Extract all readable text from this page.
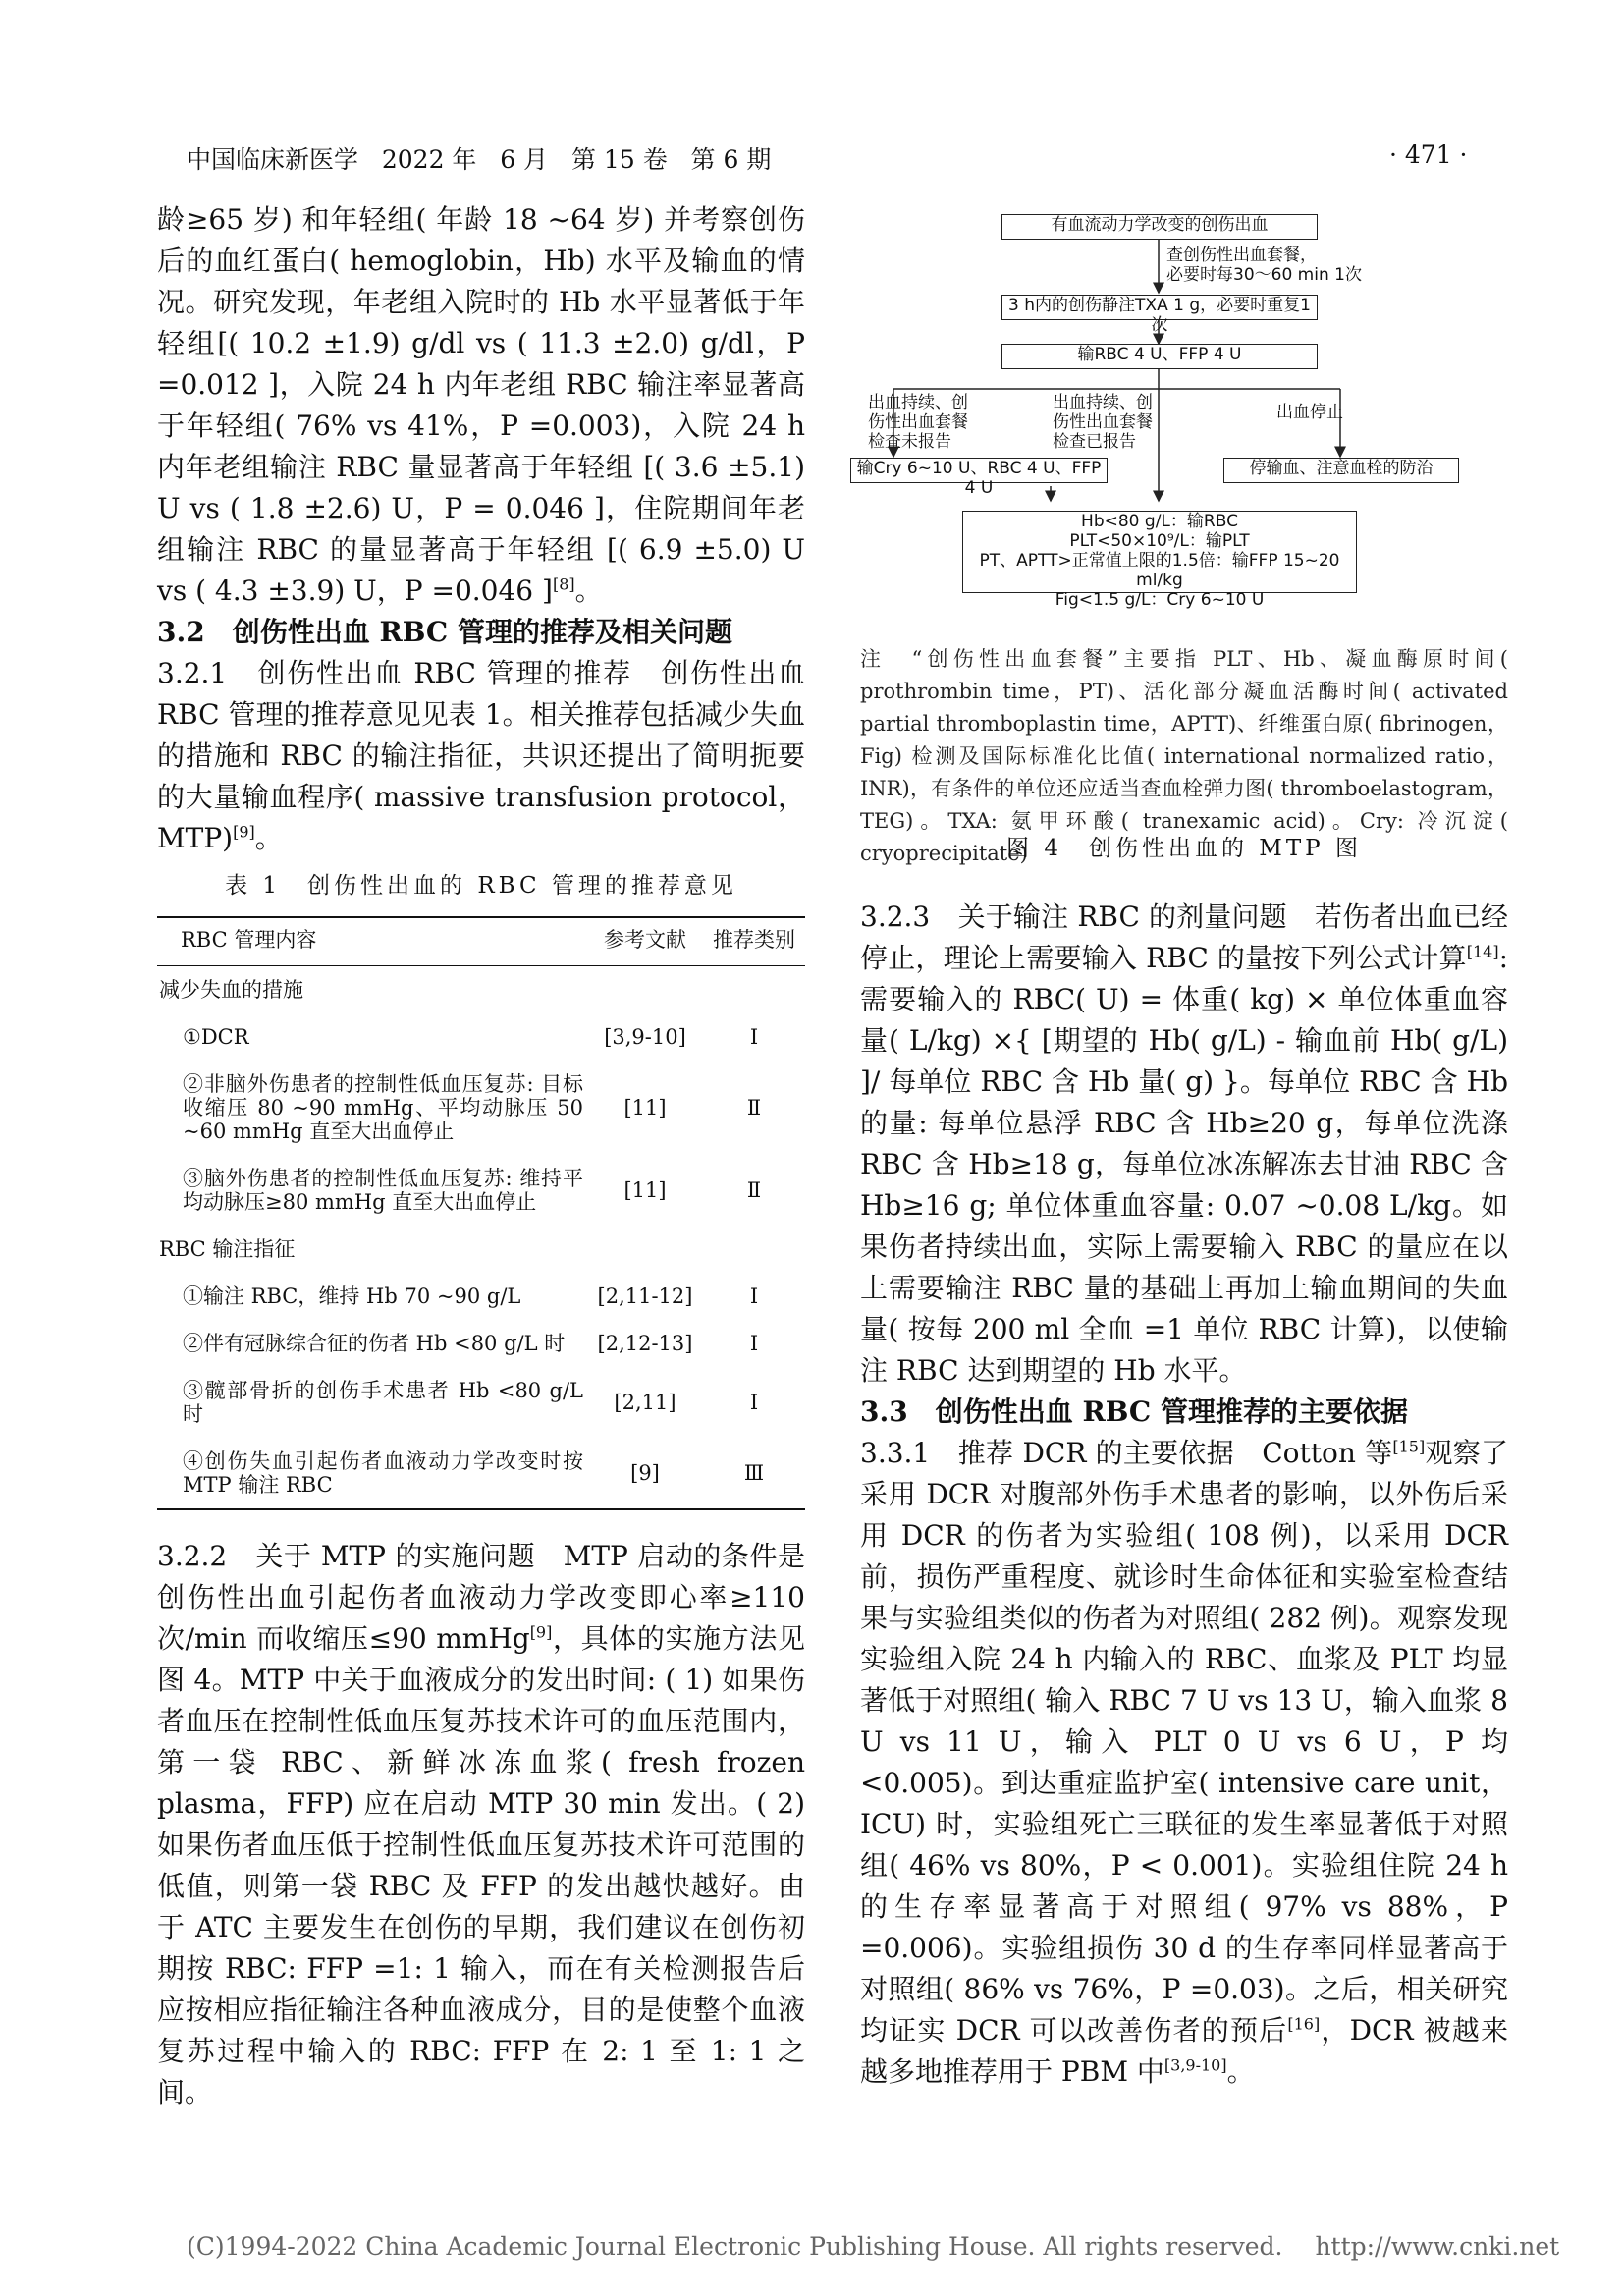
中国临床新医学 2022 年 6 月 第 15 卷 第 6 期	· 471 ·

龄≥65 岁) 和年轻组( 年龄 18 ~64 岁) 并考察创伤后的血红蛋白( hemoglobin，Hb) 水平及输血的情况。研究发现，年老组入院时的 Hb 水平显著低于年轻组[( 10.2 ±1.9) g/dl vs ( 11.3 ±2.0) g/dl，P =0.012 ]，入院 24 h 内年老组 RBC 输注率显著高于年轻组( 76% vs 41%，P =0.003)，入院 24 h 内年老组输注 RBC 量显著高于年轻组 [( 3.6 ±5.1) U vs ( 1.8 ±2.6) U，P = 0.046 ]，住院期间年老组输注 RBC 的量显著高于年轻组 [( 6.9 ±5.0) U vs ( 4.3 ±3.9) U，P =0.046 ][8]。

3.2　创伤性出血 RBC 管理的推荐及相关问题

3.2.1　创伤性出血 RBC 管理的推荐　创伤性出血 RBC 管理的推荐意见见表 1。相关推荐包括减少失血的措施和 RBC 的输注指征，共识还提出了简明扼要的大量输血程序( massive transfusion protocol，MTP)[9]。

表 1　创伤性出血的 RBC 管理的推荐意见
RBC 管理内容	参考文献	推荐类别
减少失血的措施		
①DCR	[3,9-10]	Ⅰ
②非脑外伤患者的控制性低血压复苏: 目标收缩压 80 ~90 mmHg、平均动脉压 50 ~60 mmHg 直至大出血停止	[11]	Ⅱ
③脑外伤患者的控制性低血压复苏: 维持平均动脉压≥80 mmHg 直至大出血停止	[11]	Ⅱ
RBC 输注指征		
①输注 RBC，维持 Hb 70 ~90 g/L	[2,11-12]	Ⅰ
②伴有冠脉综合征的伤者 Hb <80 g/L 时	[2,12-13]	Ⅰ
③髋部骨折的创伤手术患者 Hb <80 g/L 时	[2,11]	Ⅰ
④创伤失血引起伤者血液动力学改变时按 MTP 输注 RBC	[9]	Ⅲ

3.2.2　关于 MTP 的实施问题　MTP 启动的条件是创伤性出血引起伤者血液动力学改变即心率≥110 次/min 而收缩压≤90 mmHg[9]，具体的实施方法见图 4。MTP 中关于血液成分的发出时间: ( 1) 如果伤者血压在控制性低血压复苏技术许可的血压范围内，第一袋 RBC、新鲜冰冻血浆( fresh frozen plasma，FFP) 应在启动 MTP 30 min 发出。( 2) 如果伤者血压低于控制性低血压复苏技术许可范围的低值，则第一袋 RBC 及 FFP 的发出越快越好。由于 ATC 主要发生在创伤的早期，我们建议在创伤初期按 RBC: FFP =1: 1 输入，而在有关检测报告后应按相应指征输注各种血液成分，目的是使整个血液复苏过程中输入的 RBC: FFP 在 2: 1 至 1: 1 之间。

有血流动力学改变的创伤出血
查创伤性出血套餐，
必要时每30～60 min 1次
3 h内的创伤静注TXA 1 g，必要时重复1次
输RBC 4 U、FFP 4 U
出血持续、创
伤性出血套餐
检查未报告
出血持续、创
伤性出血套餐
检查已报告
出血停止
输Cry 6~10 U、RBC 4 U、FFP 4 U
停输血、注意血栓的防治
Hb<80 g/L：输RBC
PLT<50×10⁹/L：输PLT
PT、APTT>正常值上限的1.5倍：输FFP 15~20 ml/kg
Fig<1.5 g/L：Cry 6~10 U
注　“创伤性出血套餐”主要指 PLT、Hb、凝血酶原时间( prothrombin time，PT)、活化部分凝血活酶时间( activated partial thromboplastin time，APTT)、纤维蛋白原( fibrinogen，Fig) 检测及国际标准化比值( international normalized ratio，INR)，有条件的单位还应适当查血栓弹力图( thromboelastogram，TEG)。TXA: 氨甲环酸( tranexamic acid)。Cry: 冷沉淀( cryoprecipitate)
图 4　创伤性出血的 MTP 图

3.2.3　关于输注 RBC 的剂量问题　若伤者出血已经停止，理论上需要输入 RBC 的量按下列公式计算[14]: 需要输入的 RBC( U) = 体重( kg) × 单位体重血容量( L/kg) ×{ [期望的 Hb( g/L) - 输血前 Hb( g/L) ]/ 每单位 RBC 含 Hb 量( g) }。每单位 RBC 含 Hb 的量: 每单位悬浮 RBC 含 Hb≥20 g，每单位洗涤 RBC 含 Hb≥18 g，每单位冰冻解冻去甘油 RBC 含 Hb≥16 g; 单位体重血容量: 0.07 ~0.08 L/kg。如果伤者持续出血，实际上需要输入 RBC 的量应在以上需要输注 RBC 量的基础上再加上输血期间的失血量( 按每 200 ml 全血 =1 单位 RBC 计算)，以使输注 RBC 达到期望的 Hb 水平。

3.3　创伤性出血 RBC 管理推荐的主要依据

3.3.1　推荐 DCR 的主要依据　Cotton 等[15]观察了采用 DCR 对腹部外伤手术患者的影响，以外伤后采用 DCR 的伤者为实验组( 108 例)，以采用 DCR 前，损伤严重程度、就诊时生命体征和实验室检查结果与实验组类似的伤者为对照组( 282 例)。观察发现实验组入院 24 h 内输入的 RBC、血浆及 PLT 均显著低于对照组( 输入 RBC 7 U vs 13 U，输入血浆 8 U vs 11 U，输入 PLT 0 U vs 6 U，P 均 <0.005)。到达重症监护室( intensive care unit，ICU) 时，实验组死亡三联征的发生率显著低于对照组( 46% vs 80%，P < 0.001)。实验组住院 24 h 的生存率显著高于对照组( 97% vs 88%，P =0.006)。实验组损伤 30 d 的生存率同样显著高于对照组( 86% vs 76%，P =0.03)。之后，相关研究均证实 DCR 可以改善伤者的预后[16]，DCR 被越来越多地推荐用于 PBM 中[3,9-10]。

(C)1994-2022 China Academic Journal Electronic Publishing House. All rights reserved.　 http://www.cnki.net
